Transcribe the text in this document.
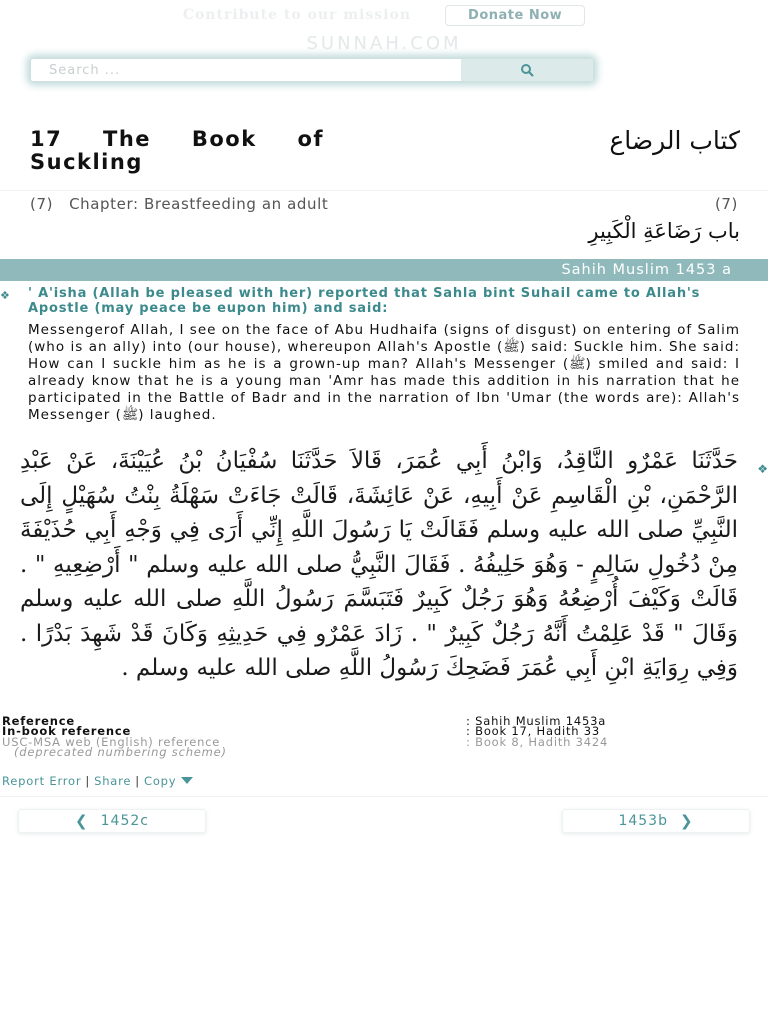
Contribute to our mission	Donate Now
SUNNAH.COM
Search ...
17 The Book of Suckling
كتاب الرضاع
(7)	Chapter: Breastfeeding an adult	(7)
باب رَضَاعَةِ الْكَبِيرِ
Sahih Muslim 1453 a
❖ ' A'isha (Allah be pleased with her) reported that Sahla bint Suhail came to Allah's Apostle (may peace be eupon him) and said:
Messengerof Allah, I see on the face of Abu Hudhaifa (signs of disgust) on entering of Salim (who is an ally) into (our house), whereupon Allah's Apostle (ﷺ) said: Suckle him. She said: How can I suckle him as he is a grown-up man? Allah's Messenger (ﷺ) smiled and said: I already know that he is a young man 'Amr has made this addition in his narration that he participated in the Battle of Badr and in the narration of Ibn 'Umar (the words are): Allah's Messenger (ﷺ) laughed.
❖
حَدَّثَنَا عَمْرٌو النَّاقِدُ، وَابْنُ أَبِي عُمَرَ، قَالاَ حَدَّثَنَا سُفْيَانُ بْنُ عُيَيْنَةَ، عَنْ عَبْدِ الرَّحْمَنِ، بْنِ الْقَاسِمِ عَنْ أَبِيهِ، عَنْ عَائِشَةَ، قَالَتْ جَاءَتْ سَهْلَةُ بِنْتُ سُهَيْلٍ إِلَى النَّبِيِّ صلى الله عليه وسلم فَقَالَتْ يَا رَسُولَ اللَّهِ إِنِّي أَرَى فِي وَجْهِ أَبِي حُذَيْفَةَ مِنْ دُخُولِ سَالِمٍ - وَهُوَ حَلِيفُهُ . فَقَالَ النَّبِيُّ صلى الله عليه وسلم " أَرْضِعِيهِ " . قَالَتْ وَكَيْفَ أُرْضِعُهُ وَهُوَ رَجُلٌ كَبِيرٌ فَتَبَسَّمَ رَسُولُ اللَّهِ صلى الله عليه وسلم وَقَالَ " قَدْ عَلِمْتُ أَنَّهُ رَجُلٌ كَبِيرٌ " . زَادَ عَمْرٌو فِي حَدِيثِهِ وَكَانَ قَدْ شَهِدَ بَدْرًا . وَفِي رِوَايَةِ ابْنِ أَبِي عُمَرَ فَضَحِكَ رَسُولُ اللَّهِ صلى الله عليه وسلم .
Reference	: Sahih Muslim 1453a
In-book reference	: Book 17, Hadith 33
USC-MSA web (English) reference	: Book 8, Hadith 3424
(deprecated numbering scheme)
Report Error | Share | Copy
❮ 1452c	1453b ❯
